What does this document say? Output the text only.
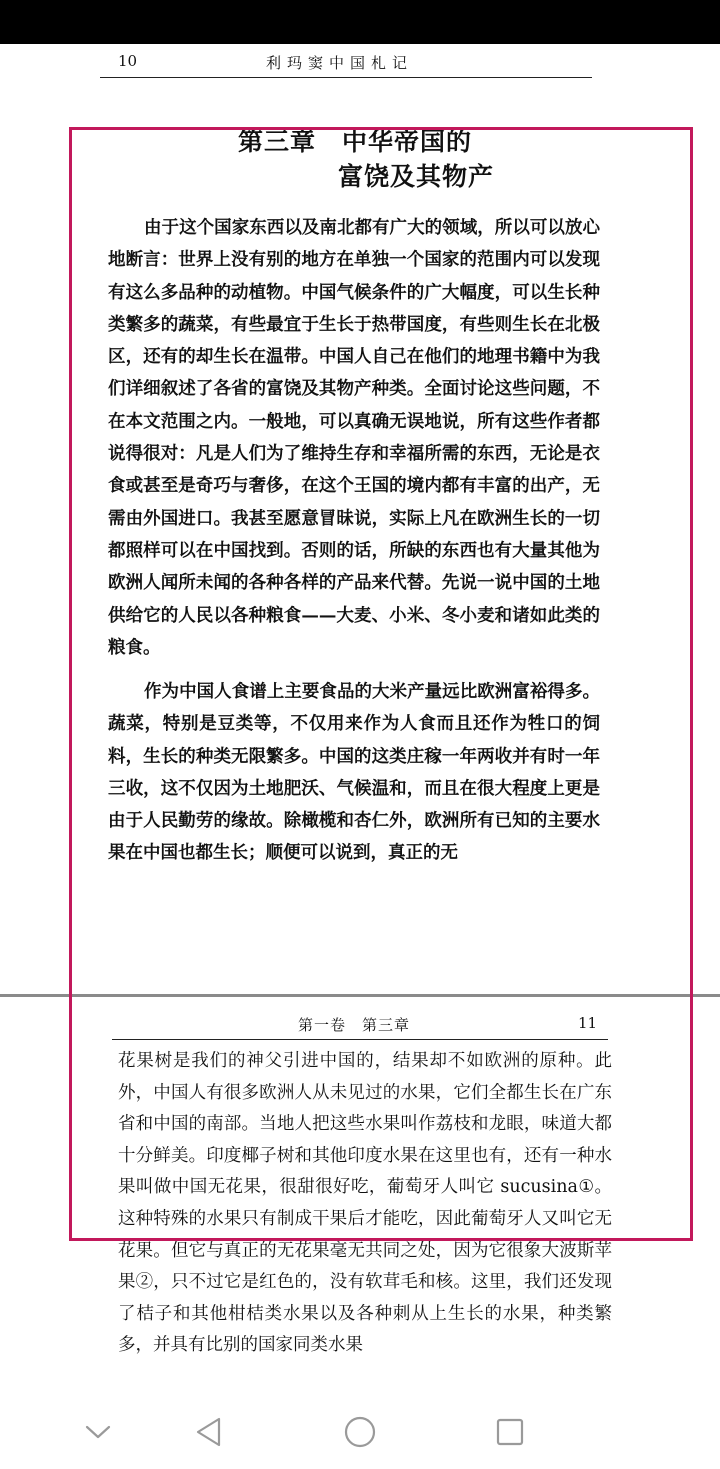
10	利玛窦中国札记
第三章　中华帝国的
富饶及其物产

由于这个国家东西以及南北都有广大的领域，所以可以放心地断言：世界上没有别的地方在单独一个国家的范围内可以发现有这么多品种的动植物。中国气候条件的广大幅度，可以生长种类繁多的蔬菜，有些最宜于生长于热带国度，有些则生长在北极区，还有的却生长在温带。中国人自己在他们的地理书籍中为我们详细叙述了各省的富饶及其物产种类。全面讨论这些问题，不在本文范围之内。一般地，可以真确无误地说，所有这些作者都说得很对：凡是人们为了维持生存和幸福所需的东西，无论是衣食或甚至是奇巧与奢侈，在这个王国的境内都有丰富的出产，无需由外国进口。我甚至愿意冒昧说，实际上凡在欧洲生长的一切都照样可以在中国找到。否则的话，所缺的东西也有大量其他为欧洲人闻所未闻的各种各样的产品来代替。先说一说中国的土地供给它的人民以各种粮食——大麦、小米、冬小麦和诸如此类的粮食。

作为中国人食谱上主要食品的大米产量远比欧洲富裕得多。蔬菜，特别是豆类等，不仅用来作为人食而且还作为牲口的饲料，生长的种类无限繁多。中国的这类庄稼一年两收并有时一年三收，这不仅因为土地肥沃、气候温和，而且在很大程度上更是由于人民勤劳的缘故。除橄榄和杏仁外，欧洲所有已知的主要水果在中国也都生长；顺便可以说到，真正的无

第一卷　第三章	11

花果树是我们的神父引进中国的，结果却不如欧洲的原种。此外，中国人有很多欧洲人从未见过的水果，它们全都生长在广东省和中国的南部。当地人把这些水果叫作荔枝和龙眼，味道大都十分鲜美。印度椰子树和其他印度水果在这里也有，还有一种水果叫做中国无花果，很甜很好吃，葡萄牙人叫它 sucusina①。这种特殊的水果只有制成干果后才能吃，因此葡萄牙人又叫它无花果。但它与真正的无花果毫无共同之处，因为它很象大波斯苹果②，只不过它是红色的，没有软茸毛和核。这里，我们还发现了桔子和其他柑桔类水果以及各种刺从上生长的水果，种类繁多，并具有比别的国家同类水果
